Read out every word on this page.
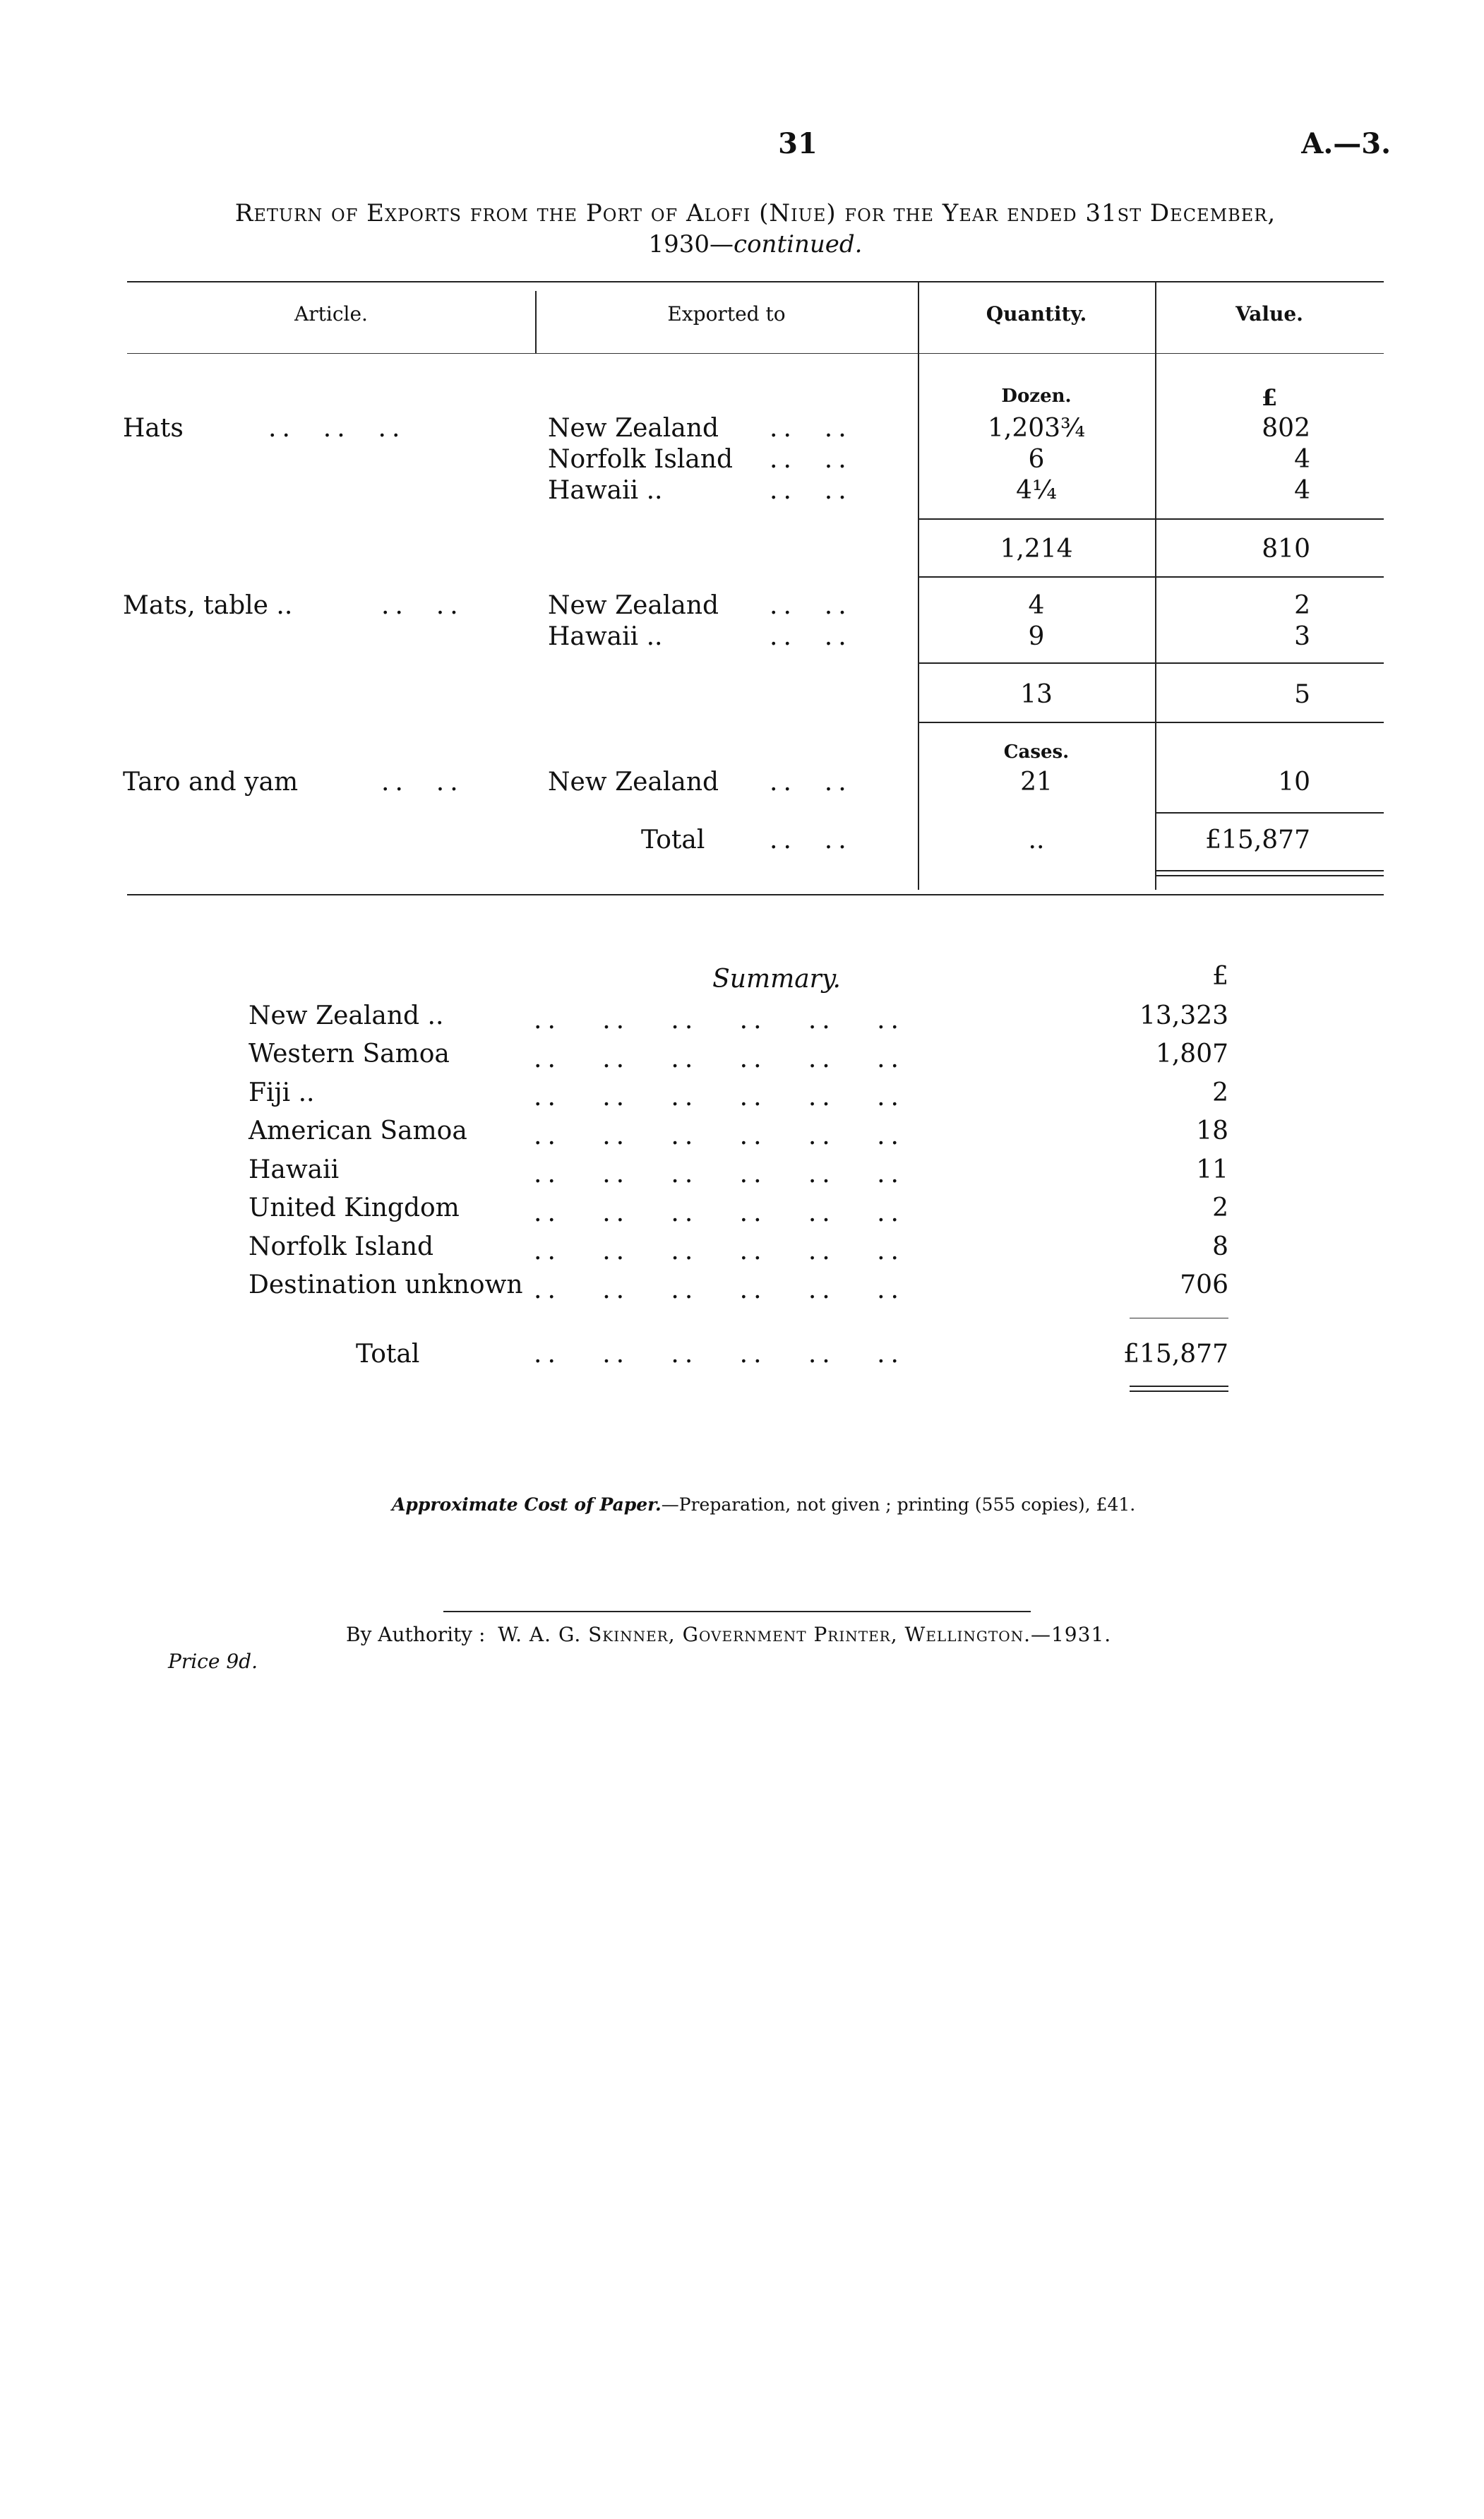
31	A.—3.
Return of Exports from the Port of Alofi (Niue) for the Year ended 31st December,
1930—continued.
Article.	Exported to	Quantity.	Value.
Dozen.	£
Hats	..  ..  ..	New Zealand	1,203¾	802
Norfolk Island	6	4
Hawaii ..	4¼	4
..  ..
..  ..
..  ..
1,214	810
Mats, table ..	..  ..	New Zealand	4	2
Hawaii ..	9	3
..  ..
..  ..
13	5
Cases.
Taro and yam	..  ..	New Zealand	21	10
..  ..
Total	..  ..	..	£15,877
Summary.	£
New Zealand ..	13,323
Western Samoa	1,807
Fiji ..	2
American Samoa	18
Hawaii	11
United Kingdom	2
Norfolk Island	8
Destination unknown	706
..   ..   ..   ..   ..   ..
..   ..   ..   ..   ..   ..
..   ..   ..   ..   ..   ..
..   ..   ..   ..   ..   ..
..   ..   ..   ..   ..   ..
..   ..   ..   ..   ..   ..
..   ..   ..   ..   ..   ..
..   ..   ..   ..   ..   ..
Total	..   ..   ..   ..   ..   ..	£15,877
Approximate Cost of Paper.—Preparation, not given ; printing (555 copies), £41.
By Authority : W. A. G. Skinner, Government Printer, Wellington.—1931.
Price 9d.
